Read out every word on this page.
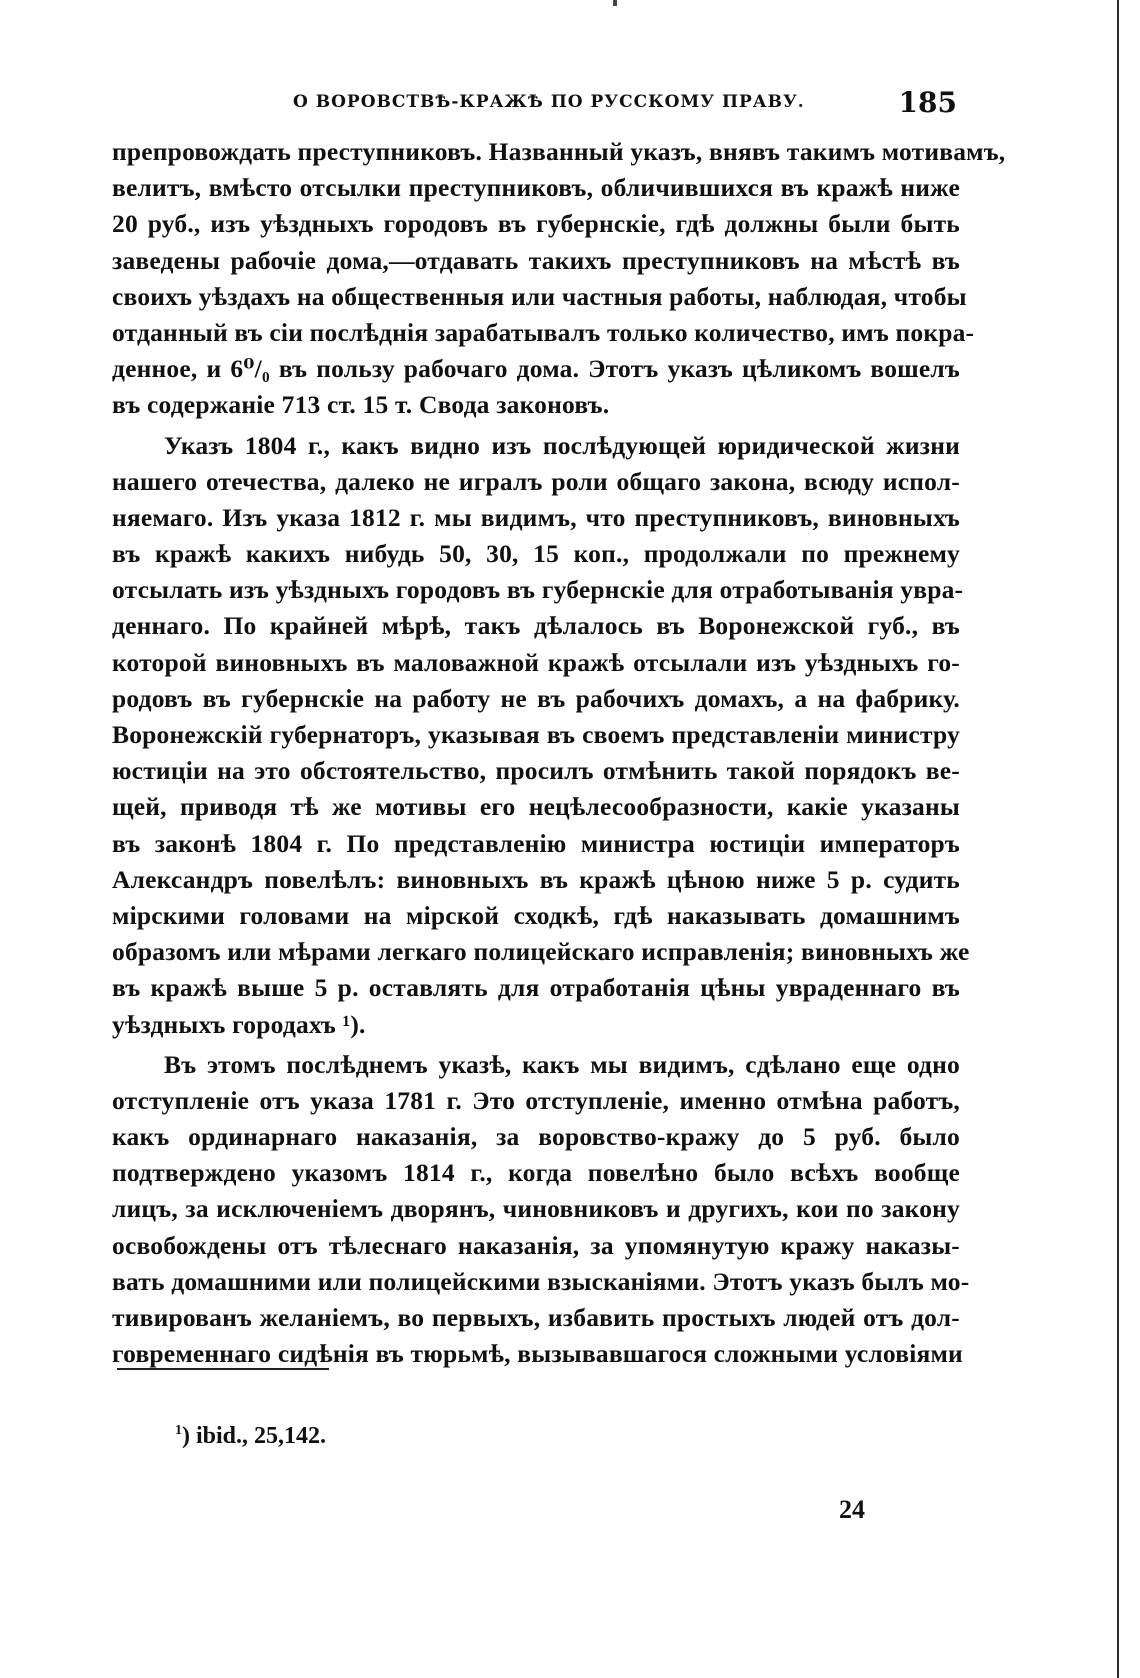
О ВОРОВСТВѢ-КРАЖѢ ПО РУССКОМУ ПРАВУ.	185
препровождать преступниковъ. Названный указъ, внявъ такимъ мотивамъ,
велитъ, вмѣсто отсылки преступниковъ, обличившихся въ кражѣ ниже
20 руб., изъ уѣздныхъ городовъ въ губернскіе, гдѣ должны были быть
заведены рабочіе дома,—отдавать такихъ преступниковъ на мѣстѣ въ
своихъ уѣздахъ на общественныя или частныя работы, наблюдая, чтобы
отданный въ сіи послѣднія зарабатывалъ только количество, имъ покра-
денное, и 6⁰/₀ въ пользу рабочаго дома. Этотъ указъ цѣликомъ вошелъ
въ содержаніе 713 ст. 15 т. Свода законовъ.
Указъ 1804 г., какъ видно изъ послѣдующей юридической жизни
нашего отечества, далеко не игралъ роли общаго закона, всюду испол-
няемаго. Изъ указа 1812 г. мы видимъ, что преступниковъ, виновныхъ
въ кражѣ какихъ нибудь 50, 30, 15 коп., продолжали по прежнему
отсылать изъ уѣздныхъ городовъ въ губернскіе для отработыванія увра-
деннаго. По крайней мѣрѣ, такъ дѣлалось въ Воронежской губ., въ
которой виновныхъ въ маловажной кражѣ отсылали изъ уѣздныхъ го-
родовъ въ губернскіе на работу не въ рабочихъ домахъ, а на фабрику.
Воронежскій губернаторъ, указывая въ своемъ представленіи министру
юстиціи на это обстоятельство, просилъ отмѣнить такой порядокъ ве-
щей, приводя тѣ же мотивы его нецѣлесообразности, какіе указаны
въ законѣ 1804 г. По представленію министра юстиціи императоръ
Александръ повелѣлъ: виновныхъ въ кражѣ цѣною ниже 5 р. судить
мірскими головами на мірской сходкѣ, гдѣ наказывать домашнимъ
образомъ или мѣрами легкаго полицейскаго исправленія; виновныхъ же
въ кражѣ выше 5 р. оставлять для отработанія цѣны увраденнаго въ
уѣздныхъ городахъ ¹).
Въ этомъ послѣднемъ указѣ, какъ мы видимъ, сдѣлано еще одно
отступленіе отъ указа 1781 г. Это отступленіе, именно отмѣна работъ,
какъ ординарнаго наказанія, за воровство-кражу до 5 руб. было
подтверждено указомъ 1814 г., когда повелѣно было всѣхъ вообще
лицъ, за исключеніемъ дворянъ, чиновниковъ и другихъ, кои по закону
освобождены отъ тѣлеснаго наказанія, за упомянутую кражу наказы-
вать домашними или полицейскими взысканіями. Этотъ указъ былъ мо-
тивированъ желаніемъ, во первыхъ, избавить простыхъ людей отъ дол-
говременнаго сидѣнія въ тюрьмѣ, вызывавшагося сложными условіями
$^1$) ibid., 25,142.
24
